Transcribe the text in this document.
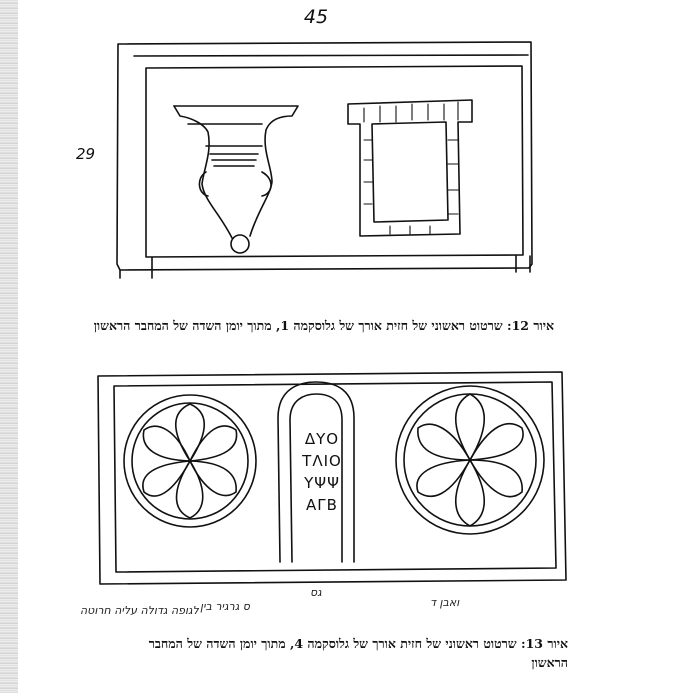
45
29
איור 12: שרטוט ראשוני של חזית אורך של גלוסקמה 1, מתוך יומן השדה של המחבר הראשון
ΔΥΟ
ΤΛΙΟ
ΥΨΨ
ΑΓΒ
לגופה גדולה עליה חרוטה ס גרגיר בין
גס
ואבן ד
איור 13: שרטוט ראשוני של חזית אורך של גלוסקמה 4, מתוך יומן השדה של המחבר
הראשון
